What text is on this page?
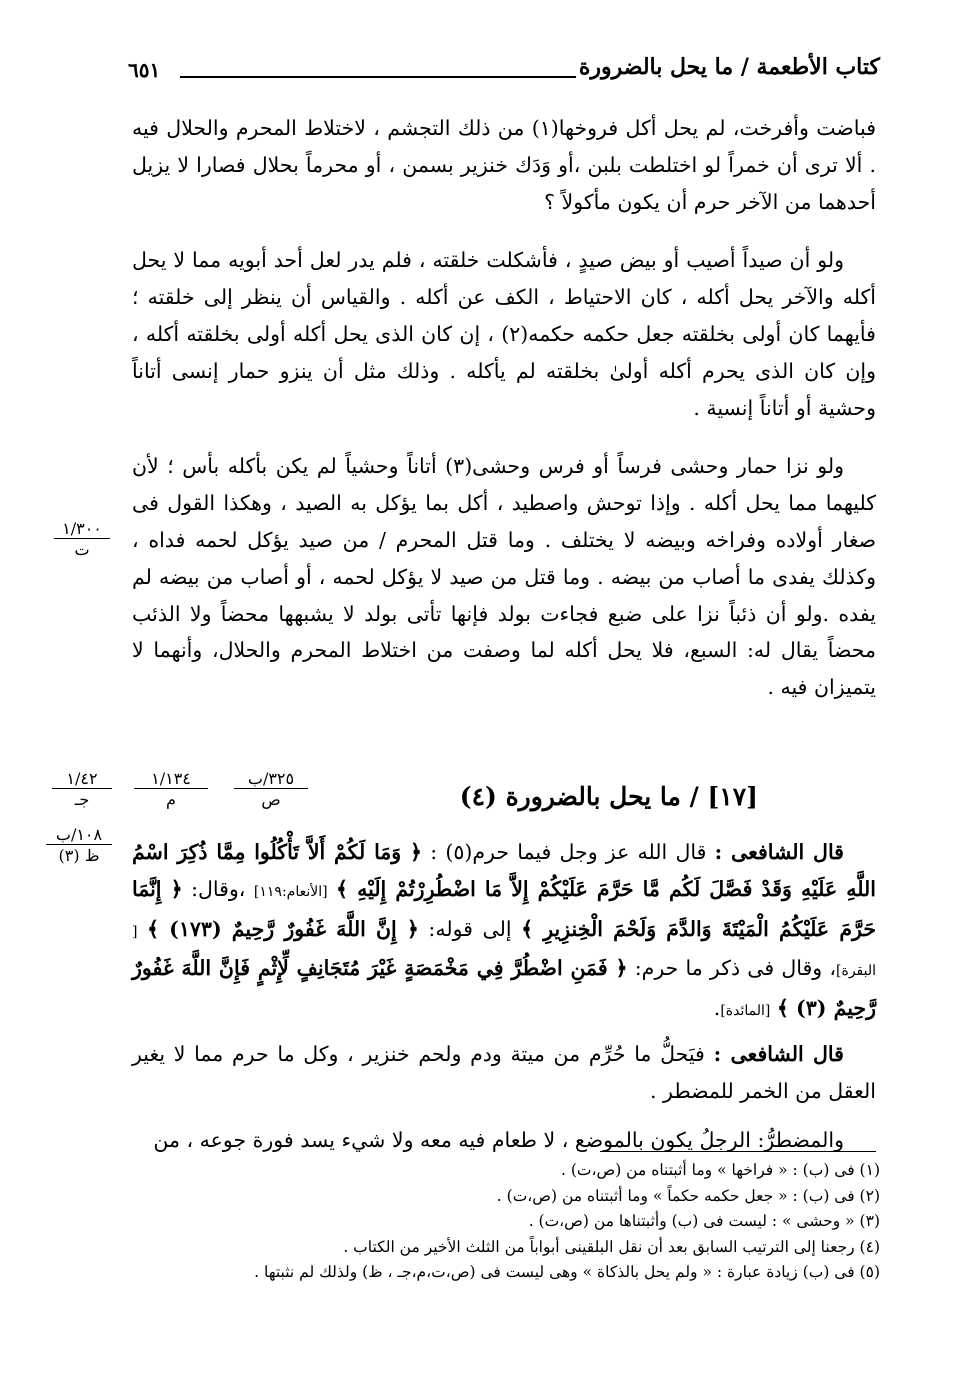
كتاب الأطعمة / ما يحل بالضرورة
٦٥١

فباضت وأفرخت، لم يحل أكل فروخها(١) من ذلك التجشم ، لاختلاط المحرم والحلال فيه . ألا ترى أن خمراً لو اختلطت بلبن ،أو وَدَك خنزير بسمن ، أو محرماً بحلال فصارا لا يزيل أحدهما من الآخر حرم أن يكون مأكولاً ؟

ولو أن صيداً أصيب أو بيض صيدٍ ، فأشكلت خلقته ، فلم يدر لعل أحد أبويه مما لا يحل أكله والآخر يحل أكله ، كان الاحتياط ، الكف عن أكله . والقياس أن ينظر إلى خلقته ؛ فأيهما كان أولى بخلقته جعل حكمه حكمه(٢) ، إن كان الذى يحل أكله أولى بخلقته أكله ، وإن كان الذى يحرم أكله أولىٰ بخلقته لم يأكله . وذلك مثل أن ينزو حمار إنسى أتاناً وحشية أو أتاناً إنسية .

ولو نزا حمار وحشى فرساً أو فرس وحشى(٣) أتاناً وحشياً لم يكن بأكله بأس ؛ لأن كليهما مما يحل أكله . وإذا توحش واصطيد ، أكل بما يؤكل به الصيد ، وهكذا القول فى صغار أولاده وفراخه وبيضه لا يختلف . وما قتل المحرم / من صيد يؤكل لحمه فداه ، وكذلك يفدى ما أصاب من بيضه . وما قتل من صيد لا يؤكل لحمه ، أو أصاب من بيضه لم يفده .ولو أن ذئباً نزا على ضبع فجاءت بولد فإنها تأتى بولد لا يشبهها محضاً ولا الذئب محضاً يقال له: السبع، فلا يحل أكله لما وصفت من اختلاط المحرم والحلال، وأنهما لا يتميزان فيه .

١/٣٠٠
ت
[١٧] / ما يحل بالضرورة (٤)
٣٢٥/ب
ص
١/١٣٤
م
١/٤٢
جـ
١٠٨/ب
ظ (٣)	قال الشافعى : قال الله عز وجل فيما حرم(٥) : ﴿ وَمَا لَكُمْ أَلاَّ تَأْكُلُوا مِمَّا ذُكِرَ اسْمُ اللَّهِ عَلَيْهِ وَقَدْ فَصَّلَ لَكُم مَّا حَرَّمَ عَلَيْكُمْ إِلاَّ مَا اضْطُرِرْتُمْ إِلَيْهِ ﴾ [الأنعام:١١٩] ،وقال: ﴿ إِنَّمَا حَرَّمَ عَلَيْكُمُ الْمَيْتَةَ وَالدَّمَ وَلَحْمَ الْخِنزِيرِ ﴾ إلى قوله: ﴿ إِنَّ اللَّهَ غَفُورٌ رَّحِيمٌ (١٧٣) ﴾ [ البقرة]، وقال فى ذكر ما حرم: ﴿ فَمَنِ اضْطُرَّ فِي مَخْمَصَةٍ غَيْرَ مُتَجَانِفٍ لِّإِثْمٍ فَإِنَّ اللَّهَ غَفُورٌ رَّحِيمٌ (٣) ﴾ [المائدة].

قال الشافعى : فيَحلُّ ما حُرِّم من ميتة ودم ولحم خنزير ، وكل ما حرم مما لا يغير العقل من الخمر للمضطر .

والمضطرُّ: الرجلُ يكون بالموضع ، لا طعام فيه معه ولا شيء يسد فورة جوعه ، من

(١) فى (ب) : « فراخها » وما أثبتناه من (ص،ت) .
(٢) فى (ب) : « جعل حكمه حكماً » وما أثبتناه من (ص،ت) .
(٣) « وحشى » : ليست فى (ب) وأثبتناها من (ص،ت) .
(٤) رجعنا إلى الترتيب السابق بعد أن نقل البلقينى أبواباً من الثلث الأخير من الكتاب .
(٥) فى (ب) زيادة عبارة : « ولم يحل بالذكاة » وهى ليست فى (ص،ت،م،جـ ، ظ) ولذلك لم نثبتها .
